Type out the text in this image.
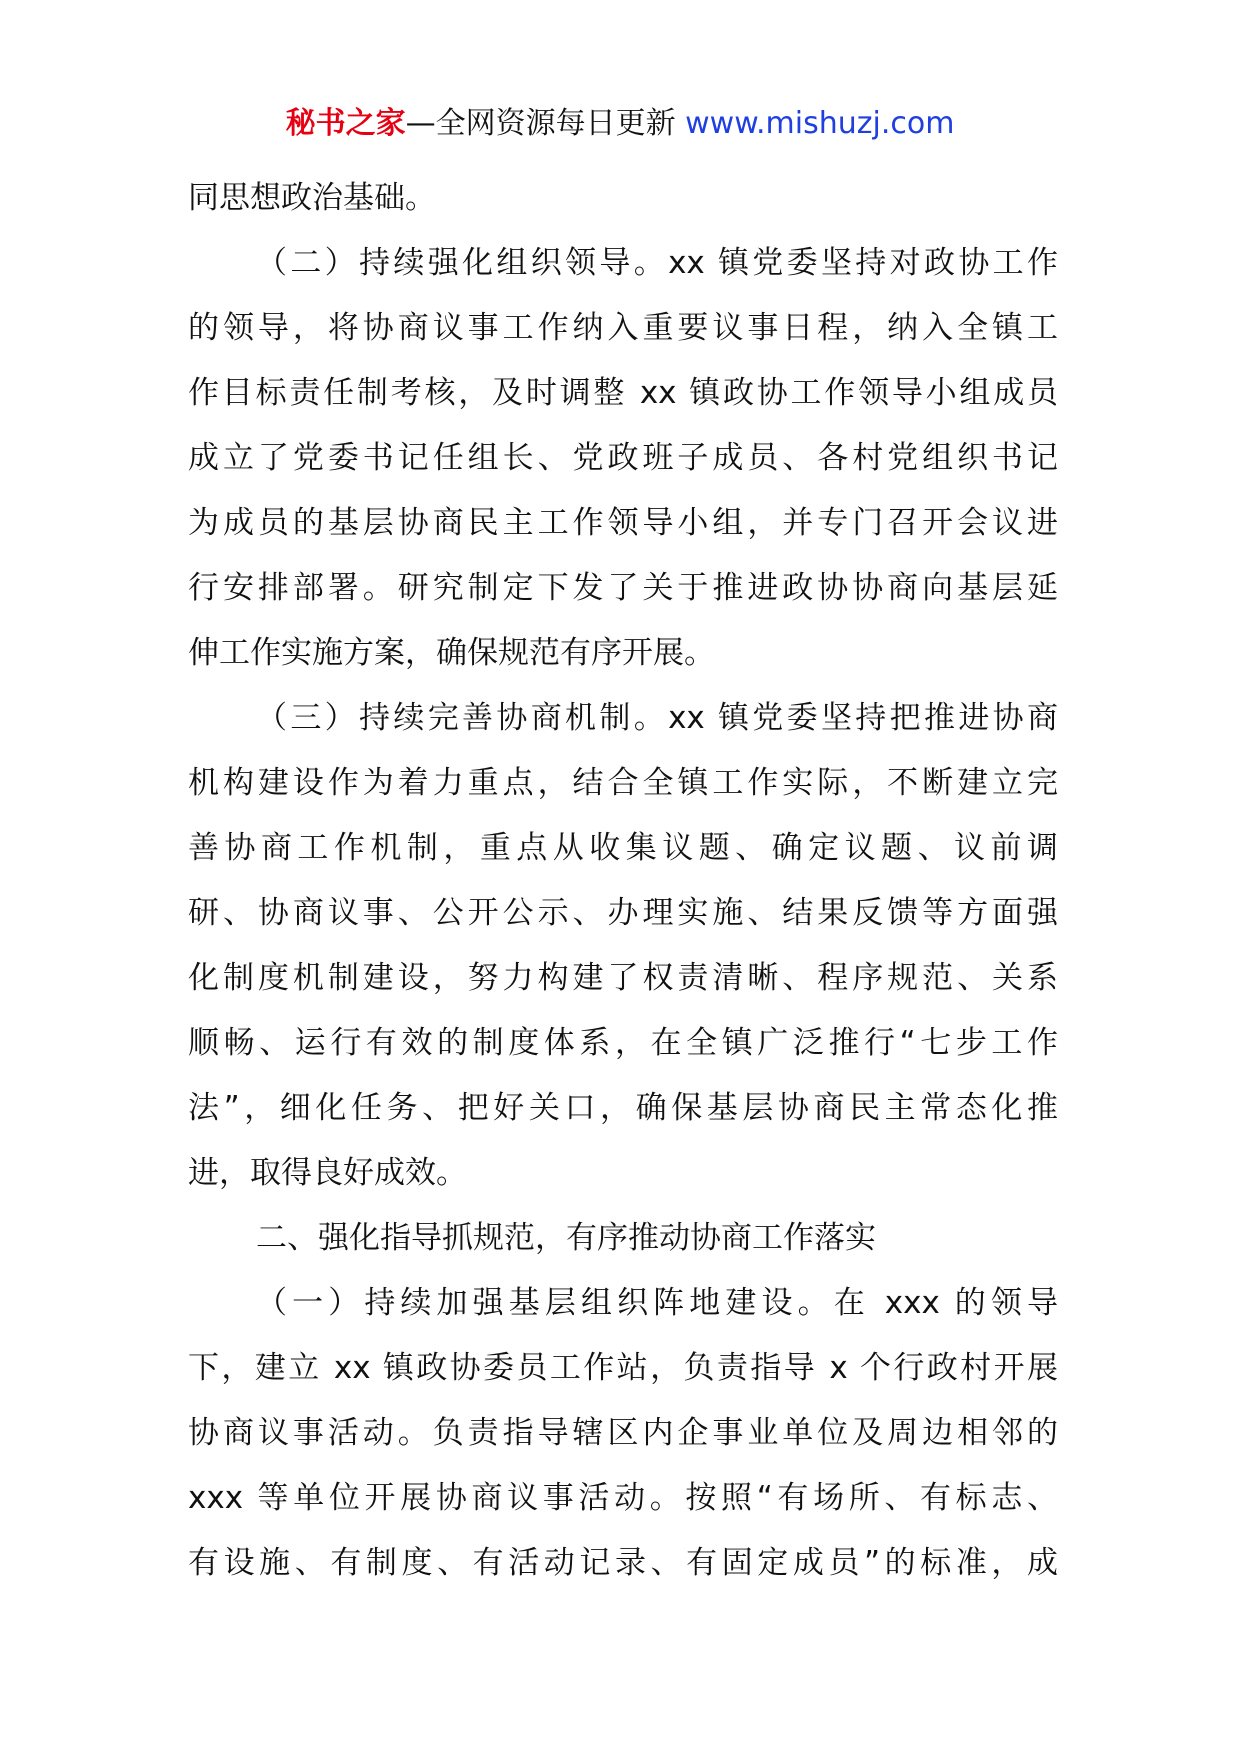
秘书之家—全网资源每日更新 www.mishuzj.com
同思想政治基础。
（二）持续强化组织领导。xx 镇党委坚持对政协工作
的领导，将协商议事工作纳入重要议事日程，纳入全镇工
作目标责任制考核，及时调整 xx 镇政协工作领导小组成员
成立了党委书记任组长、党政班子成员、各村党组织书记
为成员的基层协商民主工作领导小组，并专门召开会议进
行安排部署。研究制定下发了关于推进政协协商向基层延
伸工作实施方案，确保规范有序开展。
（三）持续完善协商机制。xx 镇党委坚持把推进协商
机构建设作为着力重点，结合全镇工作实际，不断建立完
善协商工作机制，重点从收集议题、确定议题、议前调
研、协商议事、公开公示、办理实施、结果反馈等方面强
化制度机制建设，努力构建了权责清晰、程序规范、关系
顺畅、运行有效的制度体系，在全镇广泛推行“七步工作
法”，细化任务、把好关口，确保基层协商民主常态化推
进，取得良好成效。
二、强化指导抓规范，有序推动协商工作落实
（一）持续加强基层组织阵地建设。在 xxx 的领导
下，建立 xx 镇政协委员工作站，负责指导 x 个行政村开展
协商议事活动。负责指导辖区内企事业单位及周边相邻的
xxx 等单位开展协商议事活动。按照“有场所、有标志、
有设施、有制度、有活动记录、有固定成员”的标准，成
